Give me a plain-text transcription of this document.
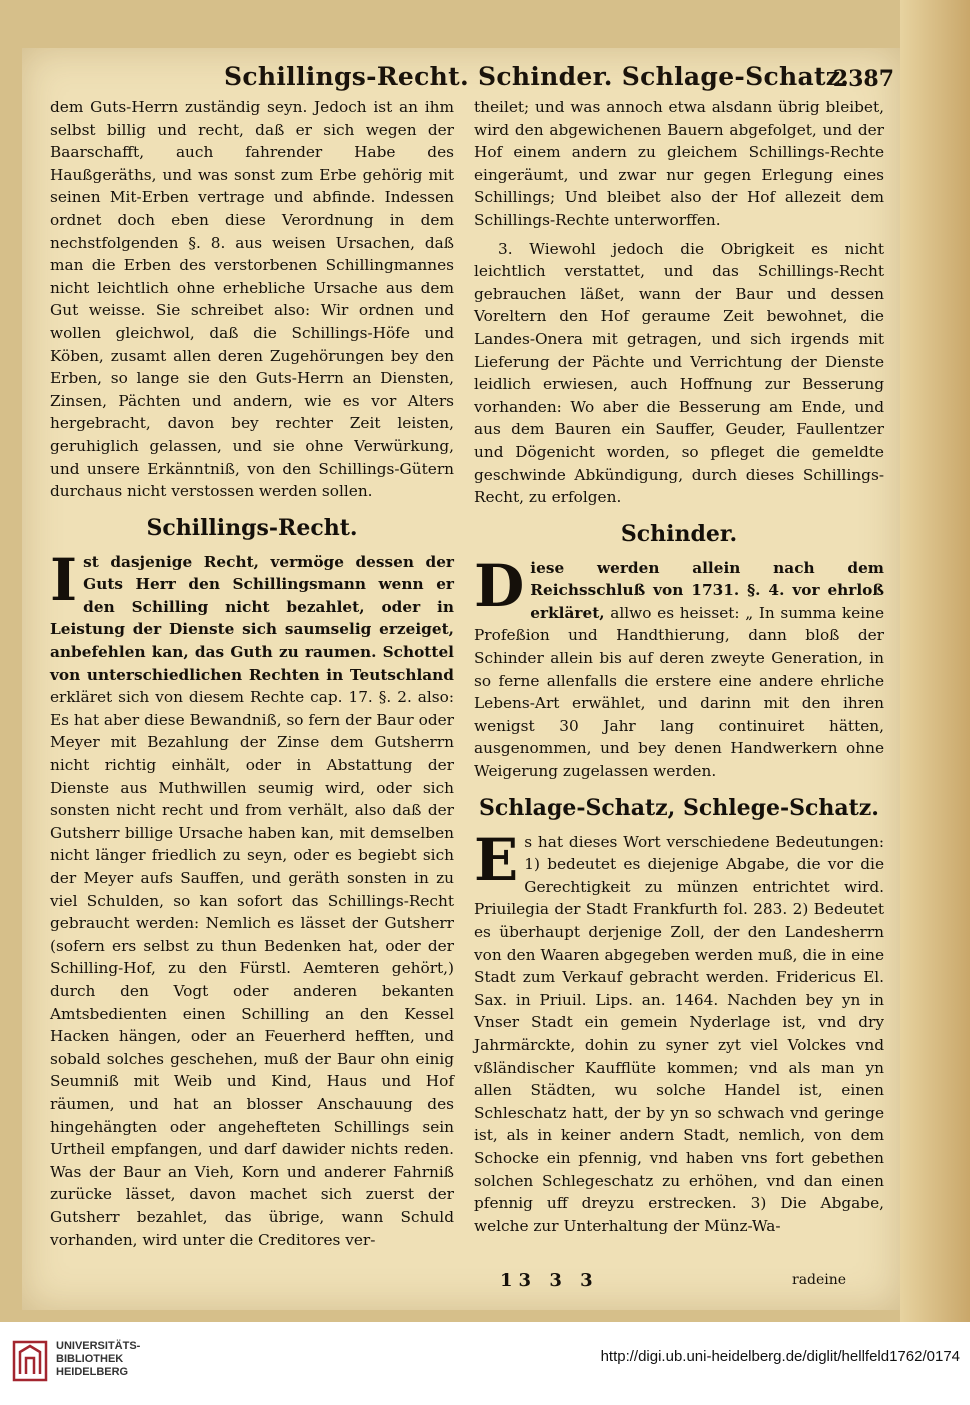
Schillings-Recht. Schinder. Schlage-Schatz.
2387

dem Guts-Herrn zuständig seyn. Jedoch ist an ihm selbst billig und recht, daß er sich wegen der Baarschafft, auch fahrender Habe des Haußgeräths, und was sonst zum Erbe gehörig mit seinen Mit-Erben vertrage und abfinde. Indessen ordnet doch eben diese Verordnung in dem nechstfolgenden §. 8. aus weisen Ursachen, daß man die Erben des verstorbenen Schillingmannes nicht leichtlich ohne erhebliche Ursache aus dem Gut weisse. Sie schreibet also: Wir ordnen und wollen gleichwol, daß die Schillings-Höfe und Köben, zusamt allen deren Zugehörungen bey den Erben, so lange sie den Guts-Herrn an Diensten, Zinsen, Pächten und andern, wie es vor Alters hergebracht, davon bey rechter Zeit leisten, geruhiglich gelassen, und sie ohne Verwürkung, und unsere Erkänntniß, von den Schillings-Gütern durchaus nicht verstossen werden sollen.

Schillings-Recht.

Ist dasjenige Recht, vermöge dessen der Guts Herr den Schillingsmann wenn er den Schilling nicht bezahlet, oder in Leistung der Dienste sich saumselig erzeiget, anbefehlen kan, das Guth zu raumen. Schottel von unterschiedlichen Rechten in Teutschland erkläret sich von diesem Rechte cap. 17. §. 2. also: Es hat aber diese Bewandniß, so fern der Baur oder Meyer mit Bezahlung der Zinse dem Gutsherrn nicht richtig einhält, oder in Abstattung der Dienste aus Muthwillen seumig wird, oder sich sonsten nicht recht und from verhält, also daß der Gutsherr billige Ursache haben kan, mit demselben nicht länger friedlich zu seyn, oder es begiebt sich der Meyer aufs Sauffen, und geräth sonsten in zu viel Schulden, so kan sofort das Schillings-Recht gebraucht werden: Nemlich es lässet der Gutsherr (sofern ers selbst zu thun Bedenken hat, oder der Schilling-Hof, zu den Fürstl. Aemteren gehört,) durch den Vogt oder anderen bekanten Amtsbedienten einen Schilling an den Kessel Hacken hängen, oder an Feuerherd hefften, und sobald solches geschehen, muß der Baur ohn einig Seumniß mit Weib und Kind, Haus und Hof räumen, und hat an blosser Anschauung des hingehängten oder angehefteten Schillings sein Urtheil empfangen, und darf dawider nichts reden. Was der Baur an Vieh, Korn und anderer Fahrniß zurücke lässet, davon machet sich zuerst der Gutsherr bezahlet, das übrige, wann Schuld vorhanden, wird unter die Creditores ver-

theilet; und was annoch etwa alsdann übrig bleibet, wird den abgewichenen Bauern abgefolget, und der Hof einem andern zu gleichem Schillings-Rechte eingeräumt, und zwar nur gegen Erlegung eines Schillings; Und bleibet also der Hof allezeit dem Schillings-Rechte unterworffen.

3. Wiewohl jedoch die Obrigkeit es nicht leichtlich verstattet, und das Schillings-Recht gebrauchen läßet, wann der Baur und dessen Voreltern den Hof geraume Zeit bewohnet, die Landes-Onera mit getragen, und sich irgends mit Lieferung der Pächte und Verrichtung der Dienste leidlich erwiesen, auch Hoffnung zur Besserung vorhanden: Wo aber die Besserung am Ende, und aus dem Bauren ein Sauffer, Geuder, Faullentzer und Dögenicht worden, so pfleget die gemeldte geschwinde Abkündigung, durch dieses Schillings-Recht, zu erfolgen.

Schinder.

Diese werden allein nach dem Reichsschluß von 1731. §. 4. vor ehrloß erkläret, allwo es heisset: „ In summa keine Profeßion und Handthierung, dann bloß der Schinder allein bis auf deren zweyte Generation, in so ferne allenfalls die erstere eine andere ehrliche Lebens-Art erwählet, und darinn mit den ihren wenigst 30 Jahr lang continuiret hätten, ausgenommen, und bey denen Handwerkern ohne Weigerung zugelassen werden.

Schlage-Schatz, Schlege-Schatz.

Es hat dieses Wort verschiedene Bedeutungen: 1) bedeutet es diejenige Abgabe, die vor die Gerechtigkeit zu münzen entrichtet wird. Priuilegia der Stadt Frankfurth fol. 283. 2) Bedeutet es überhaupt derjenige Zoll, der den Landesherrn von den Waaren abgegeben werden muß, die in eine Stadt zum Verkauf gebracht werden. Fridericus El. Sax. in Priuil. Lips. an. 1464. Nachden bey yn in Vnser Stadt ein gemein Nyderlage ist, vnd dry Jahrmärckte, dohin zu syner zyt viel Volckes vnd vßländischer Kaufflüte kommen; vnd als man yn allen Städten, wu solche Handel ist, einen Schleschatz hatt, der by yn so schwach vnd geringe ist, als in keiner andern Stadt, nemlich, von dem Schocke ein pfennig, vnd haben vns fort gebethen solchen Schlegeschatz zu erhöhen, vnd dan einen pfennig uff dreyzu erstrecken. 3) Die Abgabe, welche zur Unterhaltung der Münz-Wa-

13 3 3	radeine
UNIVERSITÄTS-
BIBLIOTHEK
HEIDELBERG
http://digi.ub.uni-heidelberg.de/diglit/hellfeld1762/0174
